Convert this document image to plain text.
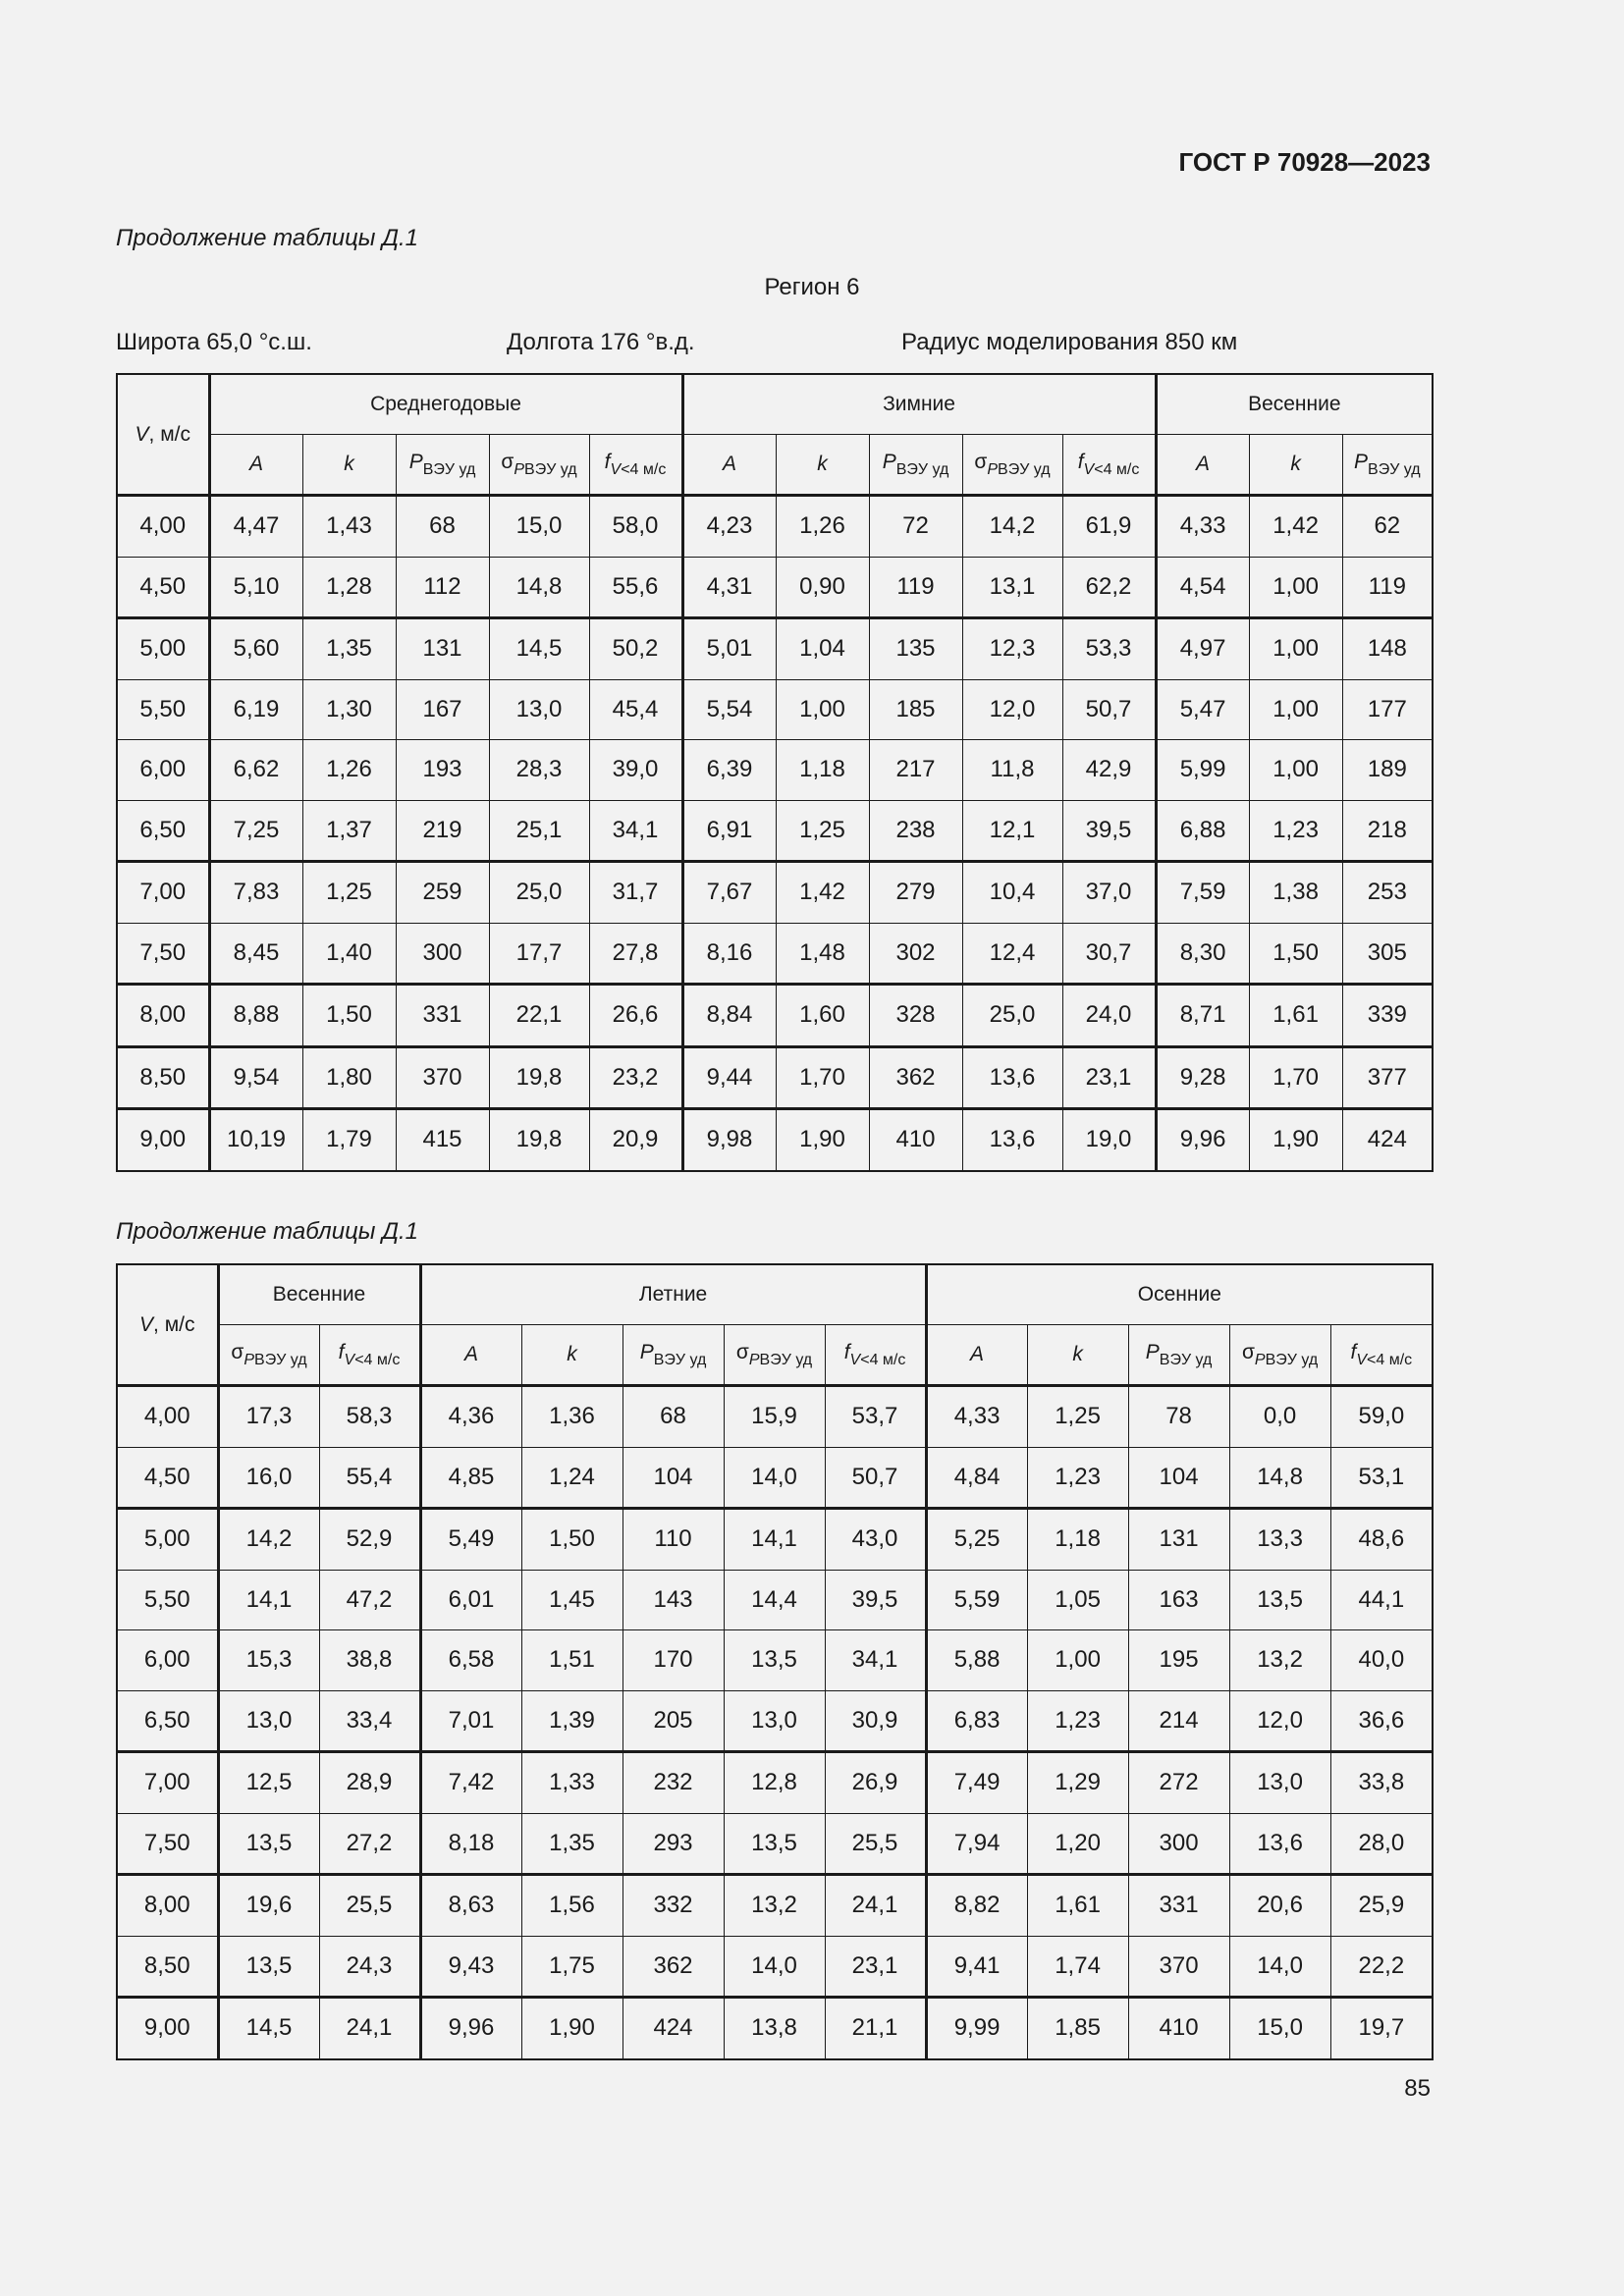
ГОСТ Р 70928—2023
Продолжение таблицы Д.1
Регион 6
Широта 65,0 °с.ш.	Долгота 176 °в.д.	Радиус моделирования 850 км
V, м/с	Среднегодовые					Зимние					Весенние		
	A	k	$P_{ВЭУ уд}$	$\sigma_{PВЭУ уд}$	$f_{V<4 м/с}$	A	k	$P_{ВЭУ уд}$	$\sigma_{PВЭУ уд}$	$f_{V<4 м/с}$	A	k	$P_{ВЭУ уд}$
4,00	4,47	1,43	68	15,0	58,0	4,23	1,26	72	14,2	61,9	4,33	1,42	62
4,50	5,10	1,28	112	14,8	55,6	4,31	0,90	119	13,1	62,2	4,54	1,00	119
5,00	5,60	1,35	131	14,5	50,2	5,01	1,04	135	12,3	53,3	4,97	1,00	148
5,50	6,19	1,30	167	13,0	45,4	5,54	1,00	185	12,0	50,7	5,47	1,00	177
6,00	6,62	1,26	193	28,3	39,0	6,39	1,18	217	11,8	42,9	5,99	1,00	189
6,50	7,25	1,37	219	25,1	34,1	6,91	1,25	238	12,1	39,5	6,88	1,23	218
7,00	7,83	1,25	259	25,0	31,7	7,67	1,42	279	10,4	37,0	7,59	1,38	253
7,50	8,45	1,40	300	17,7	27,8	8,16	1,48	302	12,4	30,7	8,30	1,50	305
8,00	8,88	1,50	331	22,1	26,6	8,84	1,60	328	25,0	24,0	8,71	1,61	339
8,50	9,54	1,80	370	19,8	23,2	9,44	1,70	362	13,6	23,1	9,28	1,70	377
9,00	10,19	1,79	415	19,8	20,9	9,98	1,90	410	13,6	19,0	9,96	1,90	424
Продолжение таблицы Д.1
V, м/с	Весенние		Летние					Осенние				
	$\sigma_{PВЭУ уд}$	$f_{V<4 м/с}$	A	k	$P_{ВЭУ уд}$	$\sigma_{PВЭУ уд}$	$f_{V<4 м/с}$	A	k	$P_{ВЭУ уд}$	$\sigma_{PВЭУ уд}$	$f_{V<4 м/с}$
4,00	17,3	58,3	4,36	1,36	68	15,9	53,7	4,33	1,25	78	0,0	59,0
4,50	16,0	55,4	4,85	1,24	104	14,0	50,7	4,84	1,23	104	14,8	53,1
5,00	14,2	52,9	5,49	1,50	110	14,1	43,0	5,25	1,18	131	13,3	48,6
5,50	14,1	47,2	6,01	1,45	143	14,4	39,5	5,59	1,05	163	13,5	44,1
6,00	15,3	38,8	6,58	1,51	170	13,5	34,1	5,88	1,00	195	13,2	40,0
6,50	13,0	33,4	7,01	1,39	205	13,0	30,9	6,83	1,23	214	12,0	36,6
7,00	12,5	28,9	7,42	1,33	232	12,8	26,9	7,49	1,29	272	13,0	33,8
7,50	13,5	27,2	8,18	1,35	293	13,5	25,5	7,94	1,20	300	13,6	28,0
8,00	19,6	25,5	8,63	1,56	332	13,2	24,1	8,82	1,61	331	20,6	25,9
8,50	13,5	24,3	9,43	1,75	362	14,0	23,1	9,41	1,74	370	14,0	22,2
9,00	14,5	24,1	9,96	1,90	424	13,8	21,1	9,99	1,85	410	15,0	19,7
85
